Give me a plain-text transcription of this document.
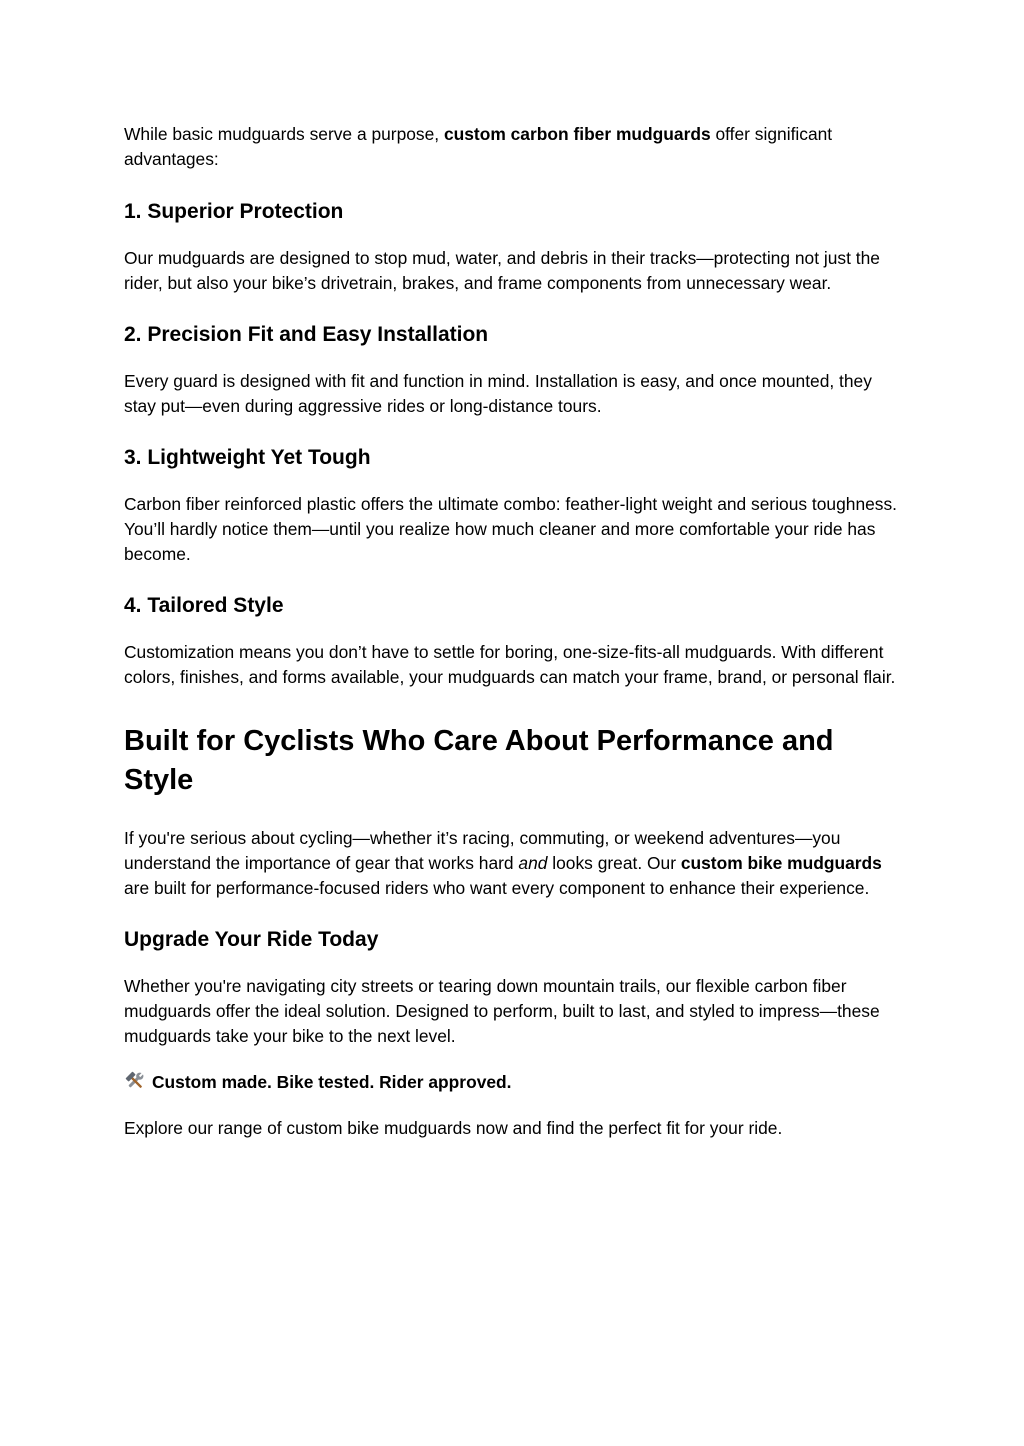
While basic mudguards serve a purpose, custom carbon fiber mudguards offer significant advantages:

1. Superior Protection

Our mudguards are designed to stop mud, water, and debris in their tracks—protecting not just the rider, but also your bike’s drivetrain, brakes, and frame components from unnecessary wear.

2. Precision Fit and Easy Installation

Every guard is designed with fit and function in mind. Installation is easy, and once mounted, they stay put—even during aggressive rides or long-distance tours.

3. Lightweight Yet Tough

Carbon fiber reinforced plastic offers the ultimate combo: feather-light weight and serious toughness. You’ll hardly notice them—until you realize how much cleaner and more comfortable your ride has become.

4. Tailored Style

Customization means you don’t have to settle for boring, one-size-fits-all mudguards. With different colors, finishes, and forms available, your mudguards can match your frame, brand, or personal flair.

Built for Cyclists Who Care About Performance and Style

If you're serious about cycling—whether it’s racing, commuting, or weekend adventures—you understand the importance of gear that works hard and looks great. Our custom bike mudguards are built for performance-focused riders who want every component to enhance their experience.

Upgrade Your Ride Today

Whether you're navigating city streets or tearing down mountain trails, our flexible carbon fiber mudguards offer the ideal solution. Designed to perform, built to last, and styled to impress—these mudguards take your bike to the next level.

Custom made. Bike tested. Rider approved.

Explore our range of custom bike mudguards now and find the perfect fit for your ride.
